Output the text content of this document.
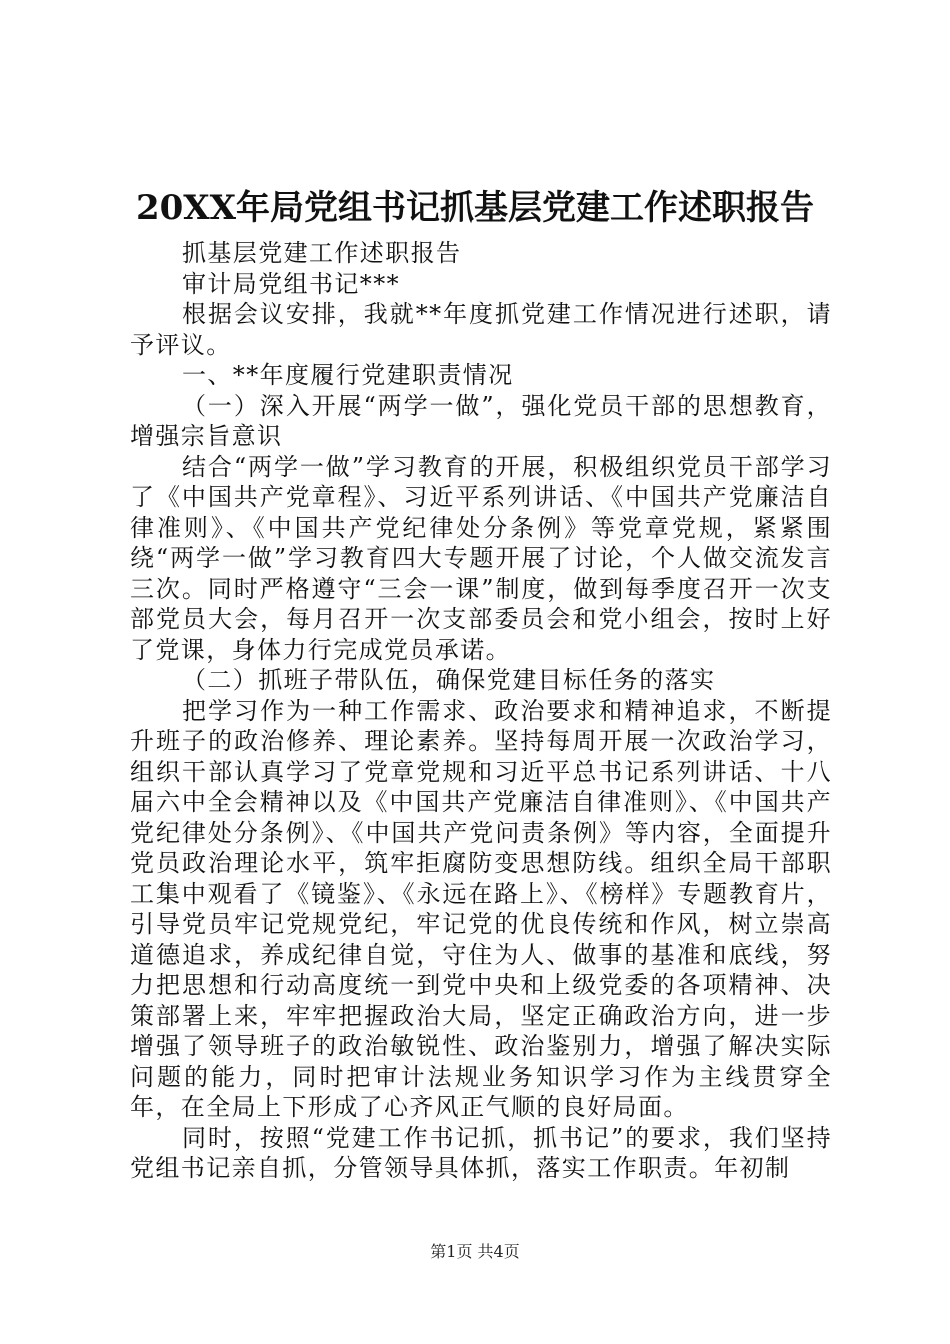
20XX年局党组书记抓基层党建工作述职报告

抓基层党建工作述职报告

审计局党组书记***

根据会议安排，我就**年度抓党建工作情况进行述职，请予评议。

一、**年度履行党建职责情况

（一）深入开展“两学一做”，强化党员干部的思想教育，增强宗旨意识

结合“两学一做”学习教育的开展，积极组织党员干部学习了《中国共产党章程》、习近平系列讲话、《中国共产党廉洁自律准则》、《中国共产党纪律处分条例》等党章党规，紧紧围绕“两学一做”学习教育四大专题开展了讨论，个人做交流发言三次。同时严格遵守“三会一课”制度，做到每季度召开一次支部党员大会，每月召开一次支部委员会和党小组会，按时上好了党课，身体力行完成党员承诺。

（二）抓班子带队伍，确保党建目标任务的落实

把学习作为一种工作需求、政治要求和精神追求，不断提升班子的政治修养、理论素养。坚持每周开展一次政治学习，组织干部认真学习了党章党规和习近平总书记系列讲话、十八届六中全会精神以及《中国共产党廉洁自律准则》、《中国共产党纪律处分条例》、《中国共产党问责条例》等内容，全面提升党员政治理论水平，筑牢拒腐防变思想防线。组织全局干部职工集中观看了《镜鉴》、《永远在路上》、《榜样》专题教育片，引导党员牢记党规党纪，牢记党的优良传统和作风，树立崇高道德追求，养成纪律自觉，守住为人、做事的基准和底线，努力把思想和行动高度统一到党中央和上级党委的各项精神、决策部署上来，牢牢把握政治大局，坚定正确政治方向，进一步增强了领导班子的政治敏锐性、政治鉴别力，增强了解决实际问题的能力，同时把审计法规业务知识学习作为主线贯穿全年，在全局上下形成了心齐风正气顺的良好局面。

同时，按照“党建工作书记抓，抓书记”的要求，我们坚持党组书记亲自抓，分管领导具体抓，落实工作职责。年初制

第1页 共4页
